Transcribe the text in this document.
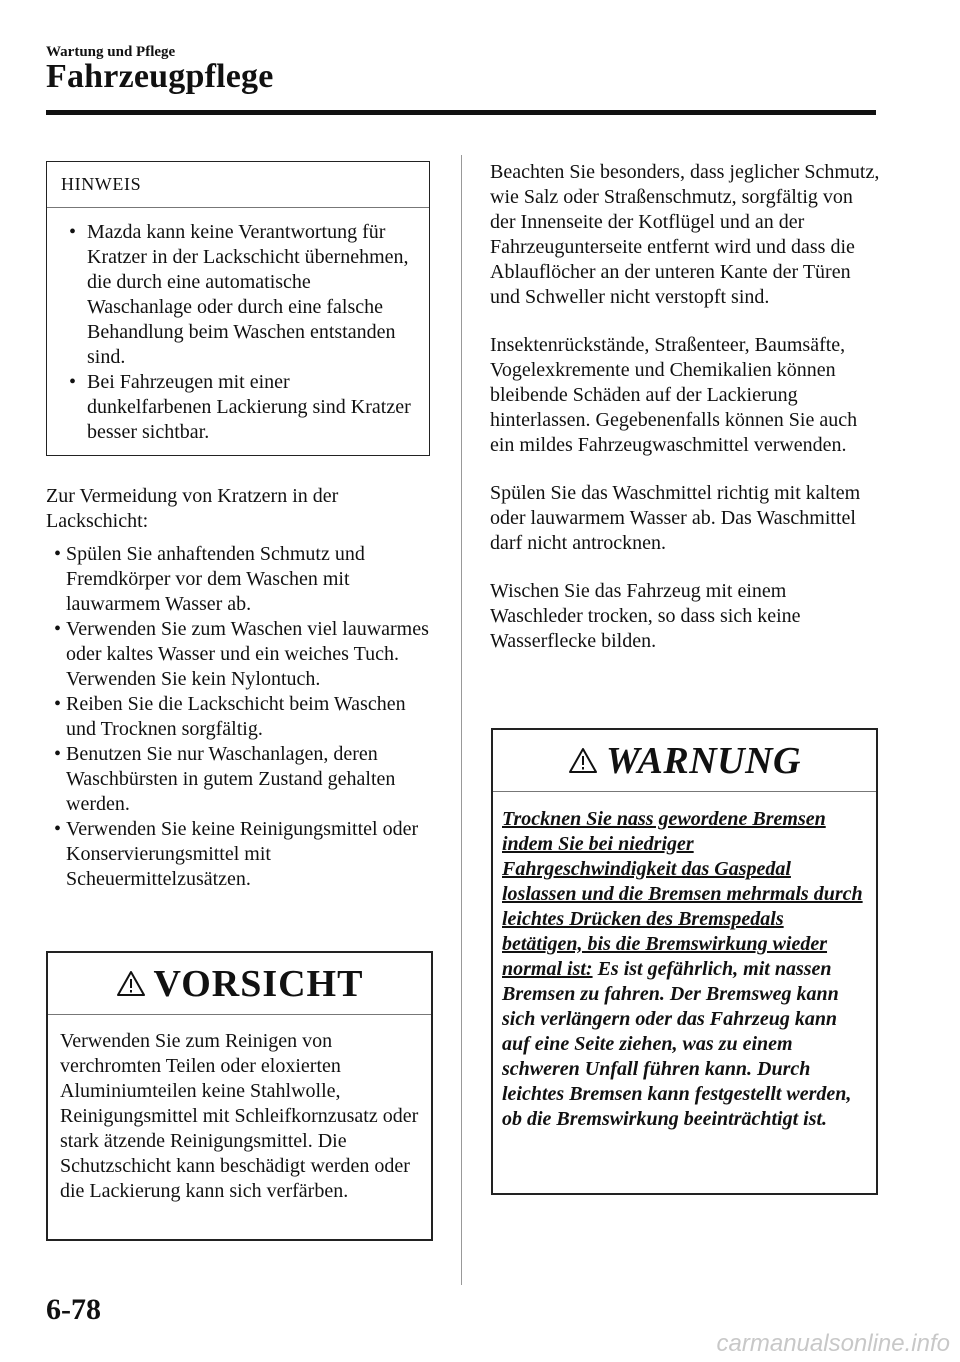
Wartung und Pflege
Fahrzeugpflege
HINWEIS
• Mazda kann keine Verantwortung für Kratzer in der Lackschicht übernehmen, die durch eine automatische Waschanlage oder durch eine falsche Behandlung beim Waschen entstanden sind.
• Bei Fahrzeugen mit einer dunkelfarbenen Lackierung sind Kratzer besser sichtbar.
Zur Vermeidung von Kratzern in der Lackschicht:
• Spülen Sie anhaftenden Schmutz und Fremdkörper vor dem Waschen mit lauwarmem Wasser ab.
• Verwenden Sie zum Waschen viel lauwarmes oder kaltes Wasser und ein weiches Tuch. Verwenden Sie kein Nylontuch.
• Reiben Sie die Lackschicht beim Waschen und Trocknen sorgfältig.
• Benutzen Sie nur Waschanlagen, deren Waschbürsten in gutem Zustand gehalten werden.
• Verwenden Sie keine Reinigungsmittel oder Konservierungsmittel mit Scheuermittelzusätzen.
VORSICHT
Verwenden Sie zum Reinigen von verchromten Teilen oder eloxierten Aluminiumteilen keine Stahlwolle, Reinigungsmittel mit Schleifkornzusatz oder stark ätzende Reinigungsmittel. Die Schutzschicht kann beschädigt werden oder die Lackierung kann sich verfärben.

Beachten Sie besonders, dass jeglicher Schmutz, wie Salz oder Straßenschmutz, sorgfältig von der Innenseite der Kotflügel und an der Fahrzeugunterseite entfernt wird und dass die Ablauflöcher an der unteren Kante der Türen und Schweller nicht verstopft sind.

Insektenrückstände, Straßenteer, Baumsäfte, Vogelexkremente und Chemikalien können bleibende Schäden auf der Lackierung hinterlassen. Gegebenenfalls können Sie auch ein mildes Fahrzeugwaschmittel verwenden.

Spülen Sie das Waschmittel richtig mit kaltem oder lauwarmem Wasser ab. Das Waschmittel darf nicht antrocknen.

Wischen Sie das Fahrzeug mit einem Waschleder trocken, so dass sich keine Wasserflecke bilden.

WARNUNG
Trocknen Sie nass gewordene Bremsen indem Sie bei niedriger Fahrgeschwindigkeit das Gaspedal loslassen und die Bremsen mehrmals durch leichtes Drücken des Bremspedals betätigen, bis die Bremswirkung wieder normal ist: Es ist gefährlich, mit nassen Bremsen zu fahren. Der Bremsweg kann sich verlängern oder das Fahrzeug kann auf eine Seite ziehen, was zu einem schweren Unfall führen kann. Durch leichtes Bremsen kann festgestellt werden, ob die Bremswirkung beeinträchtigt ist.
6-78
carmanualsonline.info
